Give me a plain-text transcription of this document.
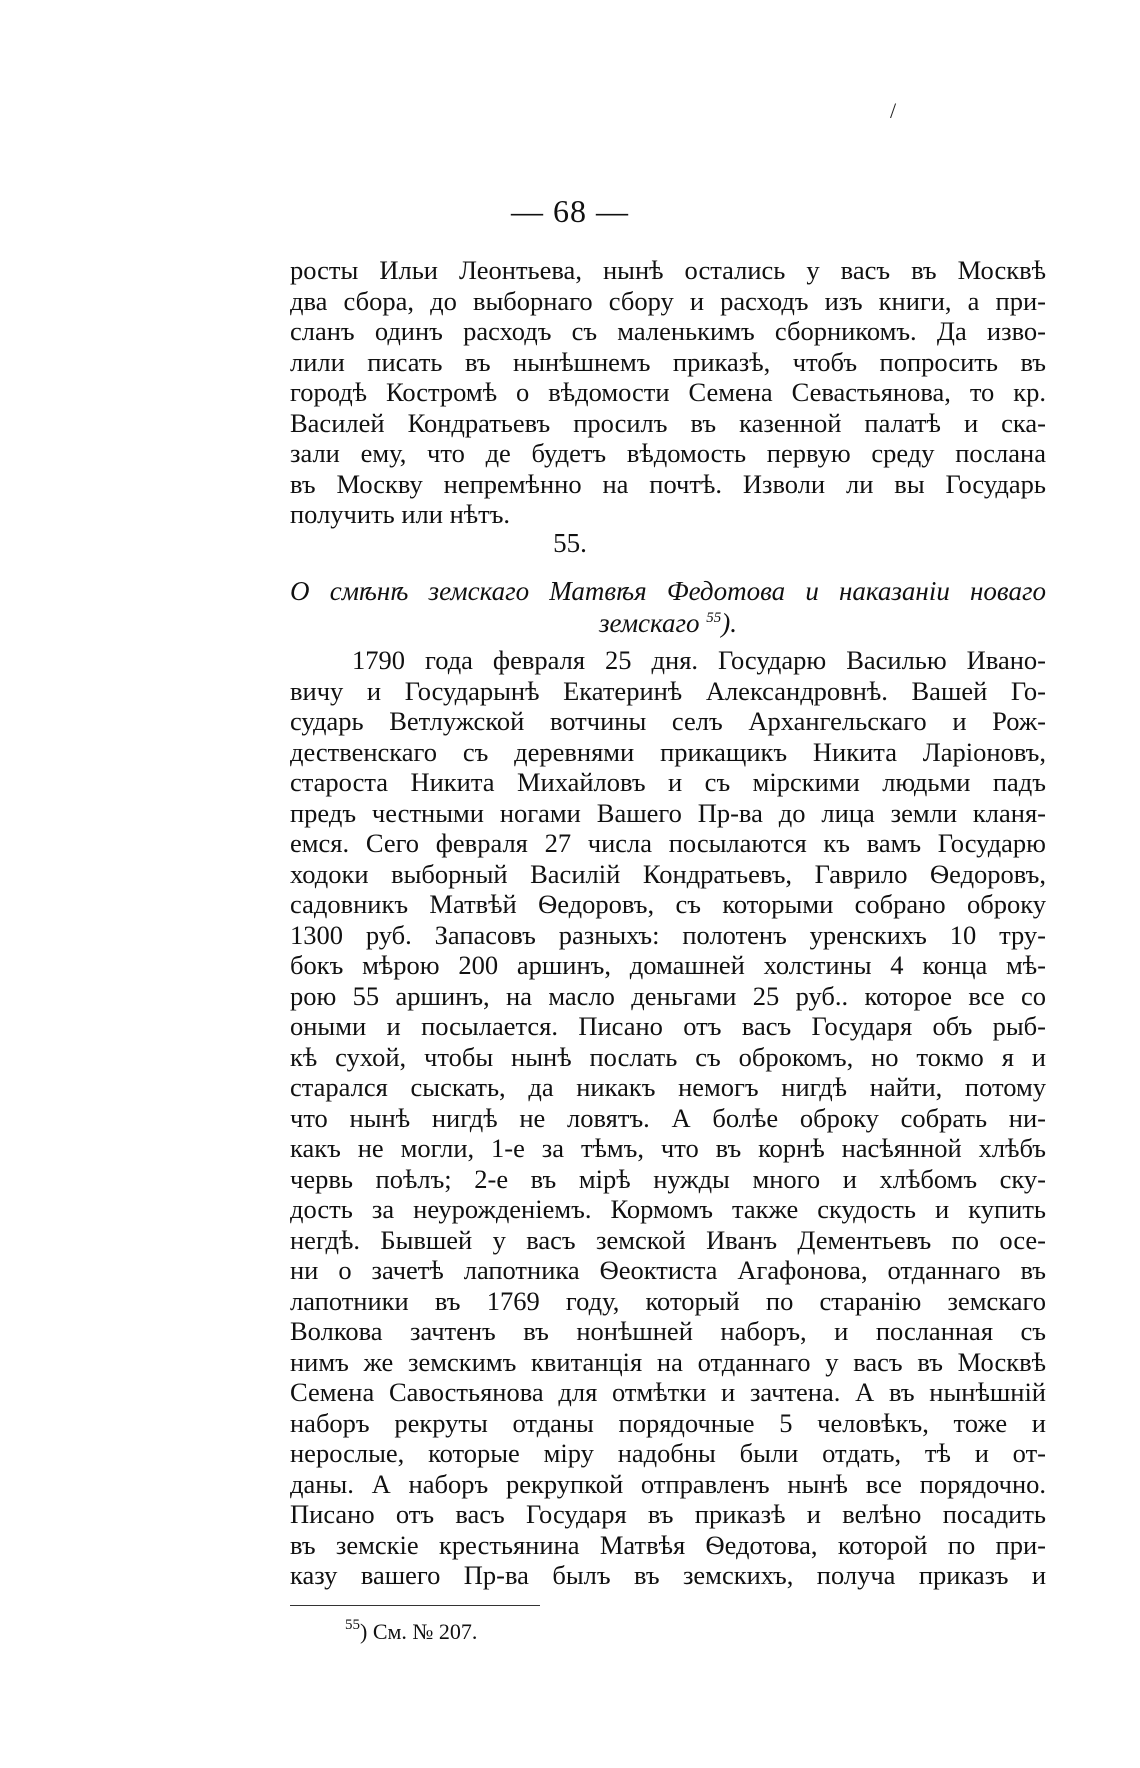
/
— 68 —
росты Ильи Леонтьева, нынѣ остались у васъ въ Москвѣ
два сбора, до выборнаго сбору и расходъ изъ книги, а при-
сланъ одинъ расходъ съ маленькимъ сборникомъ. Да изво-
лили писать въ нынѣшнемъ приказѣ, чтобъ попросить въ
городѣ Костромѣ о вѣдомости Семена Севастьянова, то кр.
Василей Кондратьевъ просилъ въ казенной палатѣ и ска-
зали ему, что де будетъ вѣдомость первую среду послана
въ Москву непремѣнно на почтѣ. Изволи ли вы Государь
получить или нѣтъ.
55.
О смѣнѣ земскаго Матвѣя Федотова и наказаніи новаго
земскаго $^{55}$).
1790 года февраля 25 дня. Государю Василью Ивано-
вичу и Государынѣ Екатеринѣ Александровнѣ. Вашей Го-
сударь Ветлужской вотчины селъ Архангельскаго и Рож-
дественскаго съ деревнями прикащикъ Никита Ларіоновъ,
староста Никита Михайловъ и съ мірскими людьми падъ
предъ честными ногами Вашего Пр-ва до лица земли кланя-
емся. Сего февраля 27 числа посылаются къ вамъ Государю
ходоки выборный Василій Кондратьевъ, Гаврило Ѳедоровъ,
садовникъ Матвѣй Ѳедоровъ, съ которыми собрано оброку
1300 руб. Запасовъ разныхъ: полотенъ уренскихъ 10 тру-
бокъ мѣрою 200 аршинъ, домашней холстины 4 конца мѣ-
рою 55 аршинъ, на масло деньгами 25 руб.. которое все со
оными и посылается. Писано отъ васъ Государя объ рыб-
кѣ сухой, чтобы нынѣ послать съ оброкомъ, но токмо я и
старался сыскать, да никакъ немогъ нигдѣ найти, потому
что нынѣ нигдѣ не ловятъ. А болѣе оброку собрать ни-
какъ не могли, 1-е за тѣмъ, что въ корнѣ насѣянной хлѣбъ
червь поѣлъ; 2-е въ мірѣ нужды много и хлѣбомъ ску-
дость за неурожденіемъ. Кормомъ также скудость и купить
негдѣ. Бывшей у васъ земской Иванъ Дементьевъ по осе-
ни о зачетѣ лапотника Ѳеоктиста Агафонова, отданнаго въ
лапотники въ 1769 году, который по старанію земскаго
Волкова зачтенъ въ нонѣшней наборъ, и посланная съ
нимъ же земскимъ квитанція на отданнаго у васъ въ Москвѣ
Семена Савостьянова для отмѣтки и зачтена. А въ нынѣшній
наборъ рекруты отданы порядочные 5 человѣкъ, тоже и
нерослые, которые міру надобны были отдать, тѣ и от-
даны. А наборъ рекрупкой отправленъ нынѣ все порядочно.
Писано отъ васъ Государя въ приказѣ и велѣно посадить
въ земскіе крестьянина Матвѣя Ѳедотова, которой по при-
казу вашего Пр-ва былъ въ земскихъ, получа приказъ и
$^{55}$) См. № 207.
